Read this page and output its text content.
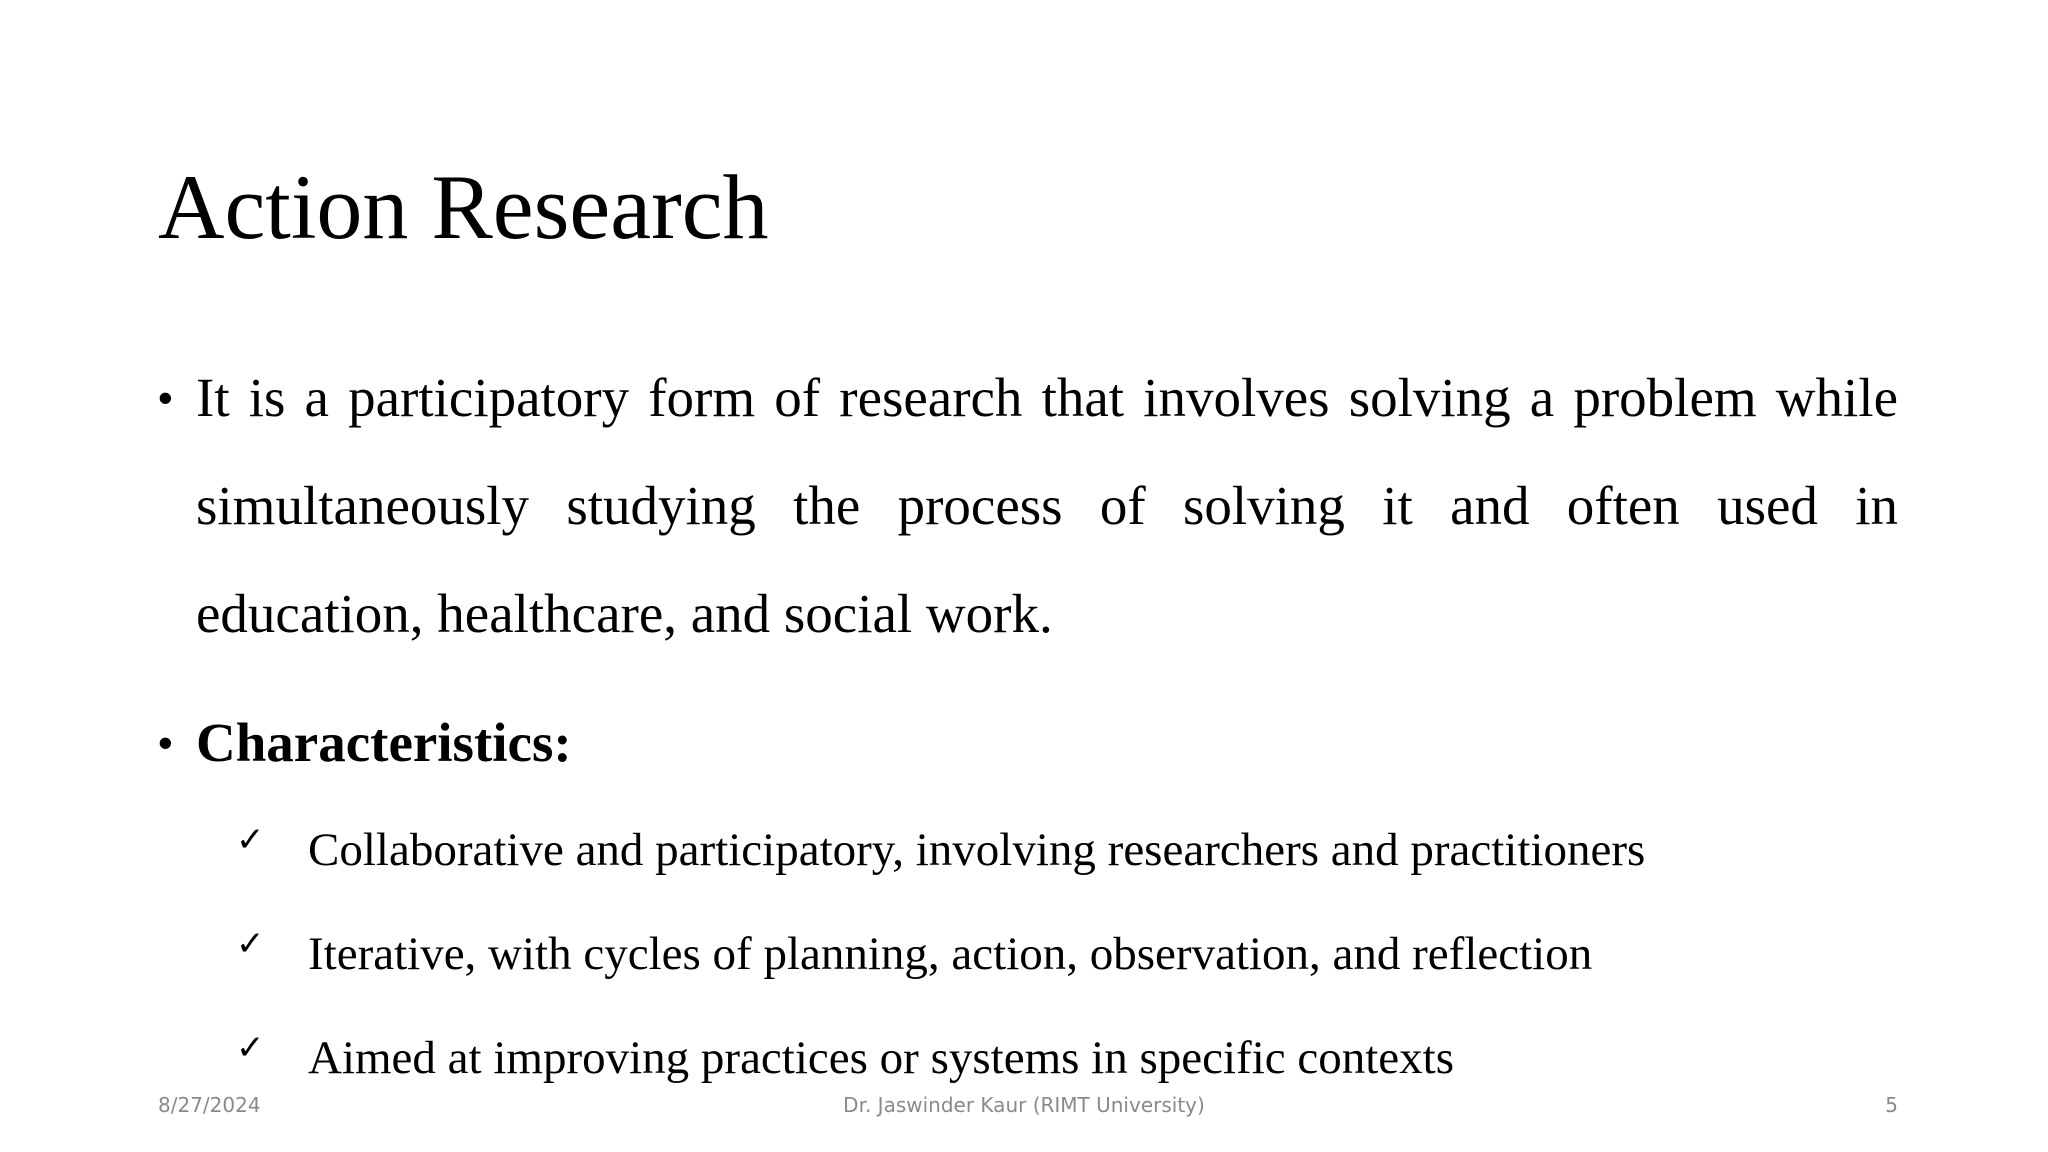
Action Research
• It is a participatory form of research that involves solving a problem while simultaneously studying the process of solving it and often used in education, healthcare, and social work.
• Characteristics:
✓ Collaborative and participatory, involving researchers and practitioners
✓ Iterative, with cycles of planning, action, observation, and reflection
✓ Aimed at improving practices or systems in specific contexts
8/27/2024	Dr. Jaswinder Kaur (RIMT University)	5
